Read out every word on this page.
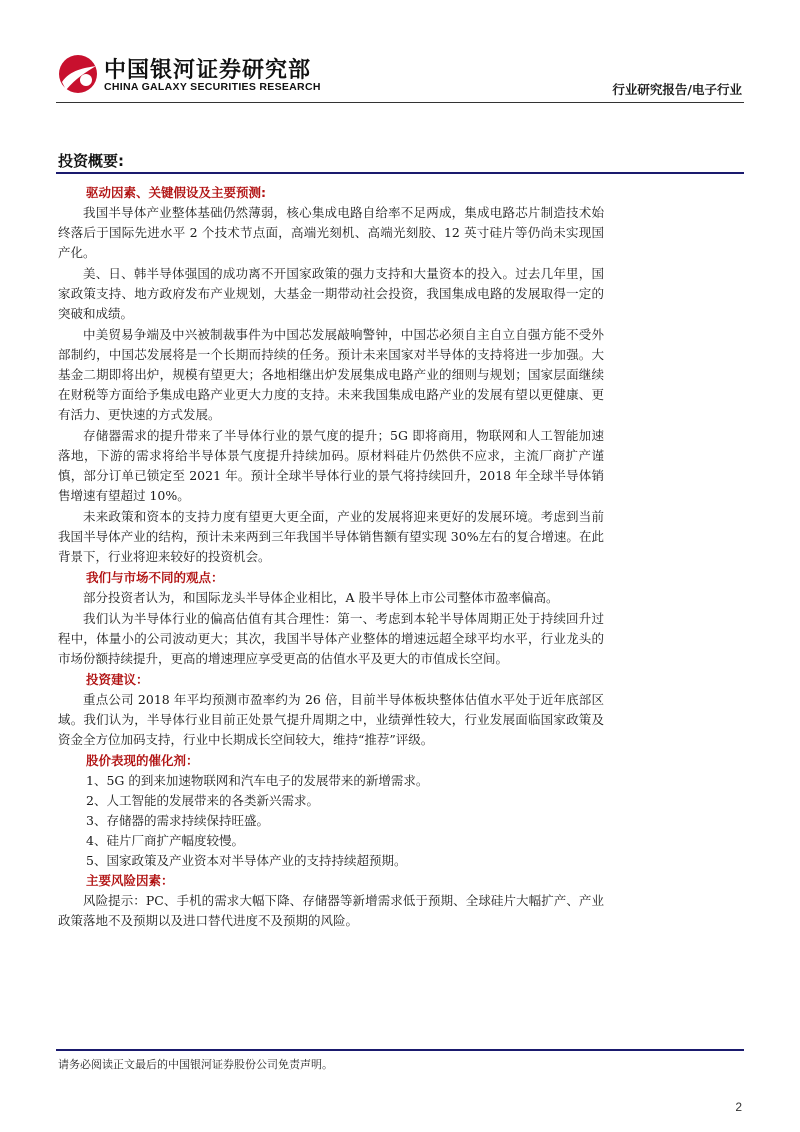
中国银河证券研究部
CHINA GALAXY SECURITIES RESEARCH	行业研究报告/电子行业
投资概要:
驱动因素、关键假设及主要预测:

我国半导体产业整体基础仍然薄弱，核心集成电路自给率不足两成，集成电路芯片制造技术始终落后于国际先进水平 2 个技术节点面，高端光刻机、高端光刻胶、12 英寸硅片等仍尚未实现国产化。

美、日、韩半导体强国的成功离不开国家政策的强力支持和大量资本的投入。过去几年里，国家政策支持、地方政府发布产业规划，大基金一期带动社会投资，我国集成电路的发展取得一定的突破和成绩。

中美贸易争端及中兴被制裁事件为中国芯发展敲响警钟，中国芯必须自主自立自强方能不受外部制约，中国芯发展将是一个长期而持续的任务。预计未来国家对半导体的支持将进一步加强。大基金二期即将出炉，规模有望更大；各地相继出炉发展集成电路产业的细则与规划；国家层面继续在财税等方面给予集成电路产业更大力度的支持。未来我国集成电路产业的发展有望以更健康、更有活力、更快速的方式发展。

存储器需求的提升带来了半导体行业的景气度的提升；5G 即将商用，物联网和人工智能加速落地，下游的需求将给半导体景气度提升持续加码。原材料硅片仍然供不应求，主流厂商扩产谨慎，部分订单已锁定至 2021 年。预计全球半导体行业的景气将持续回升，2018 年全球半导体销售增速有望超过 10%。

未来政策和资本的支持力度有望更大更全面，产业的发展将迎来更好的发展环境。考虑到当前我国半导体产业的结构，预计未来两到三年我国半导体销售额有望实现 30%左右的复合增速。在此背景下，行业将迎来较好的投资机会。

我们与市场不同的观点：

部分投资者认为，和国际龙头半导体企业相比，A 股半导体上市公司整体市盈率偏高。

我们认为半导体行业的偏高估值有其合理性：第一、考虑到本轮半导体周期正处于持续回升过程中，体量小的公司波动更大；其次，我国半导体产业整体的增速远超全球平均水平，行业龙头的市场份额持续提升，更高的增速理应享受更高的估值水平及更大的市值成长空间。

投资建议：

重点公司 2018 年平均预测市盈率约为 26 倍，目前半导体板块整体估值水平处于近年底部区域。我们认为，半导体行业目前正处景气提升周期之中，业绩弹性较大，行业发展面临国家政策及资金全方位加码支持，行业中长期成长空间较大，维持“推荐”评级。

股价表现的催化剂：
1、5G 的到来加速物联网和汽车电子的发展带来的新增需求。
2、人工智能的发展带来的各类新兴需求。
3、存储器的需求持续保持旺盛。
4、硅片厂商扩产幅度较慢。
5、国家政策及产业资本对半导体产业的支持持续超预期。
主要风险因素：

风险提示：PC、手机的需求大幅下降、存储器等新增需求低于预期、全球硅片大幅扩产、产业政策落地不及预期以及进口替代进度不及预期的风险。

请务必阅读正文最后的中国银河证券股份公司免责声明。
2
